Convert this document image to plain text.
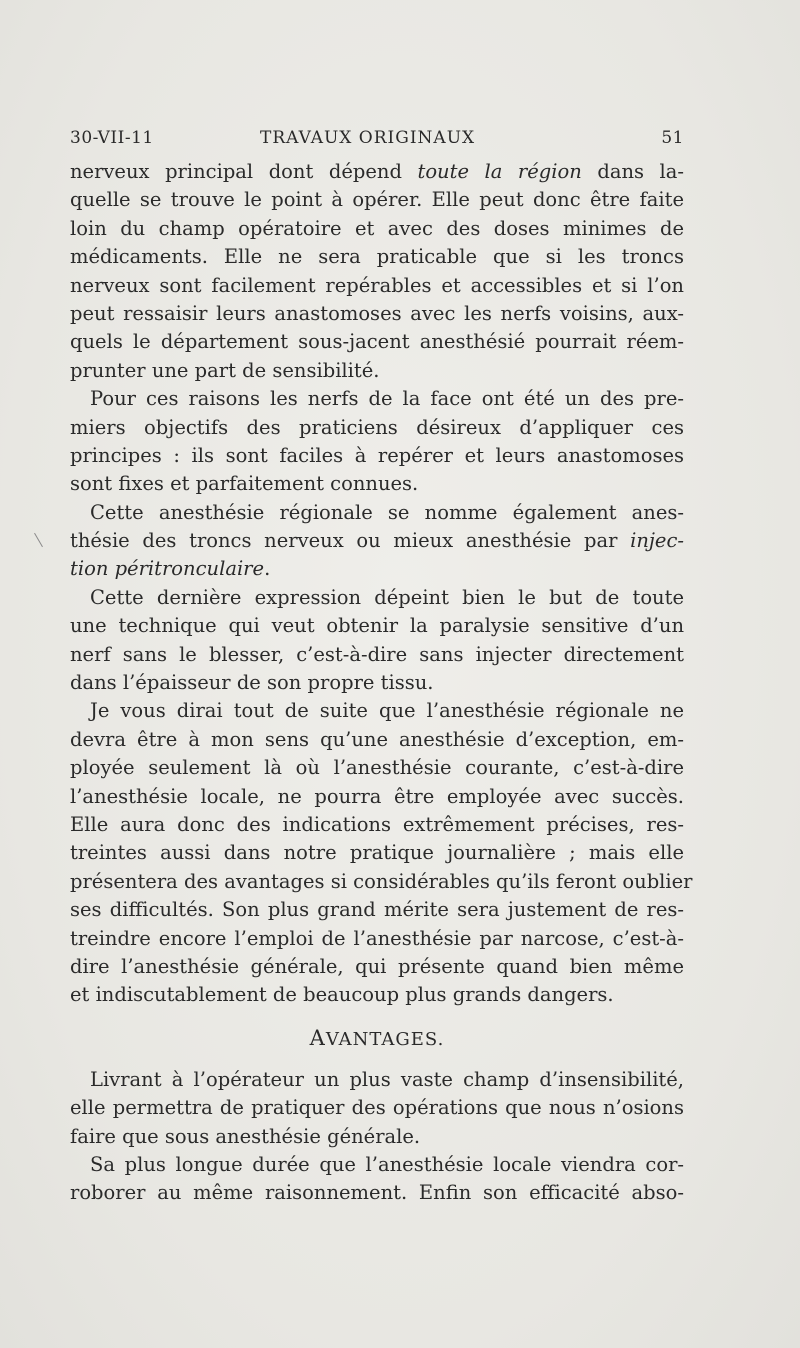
30-VII-11	TRAVAUX ORIGINAUX	51
nerveux principal dont dépend toute la région dans la-
quelle se trouve le point à opérer. Elle peut donc être faite
loin du champ opératoire et avec des doses minimes de
médicaments. Elle ne sera praticable que si les troncs
nerveux sont facilement repérables et accessibles et si l’on
peut ressaisir leurs anastomoses avec les nerfs voisins, aux-
quels le département sous-jacent anesthésié pourrait réem-
prunter une part de sensibilité.
Pour ces raisons les nerfs de la face ont été un des pre-
miers objectifs des praticiens désireux d’appliquer ces
principes : ils sont faciles à repérer et leurs anastomoses
sont fixes et parfaitement connues.
Cette anesthésie régionale se nomme également anes-
thésie des troncs nerveux ou mieux anesthésie par injec-
tion péritronculaire.
Cette dernière expression dépeint bien le but de toute
une technique qui veut obtenir la paralysie sensitive d’un
nerf sans le blesser, c’est-à-dire sans injecter directement
dans l’épaisseur de son propre tissu.
Je vous dirai tout de suite que l’anesthésie régionale ne
devra être à mon sens qu’une anesthésie d’exception, em-
ployée seulement là où l’anesthésie courante, c’est-à-dire
l’anesthésie locale, ne pourra être employée avec succès.
Elle aura donc des indications extrêmement précises, res-
treintes aussi dans notre pratique journalière ; mais elle
présentera des avantages si considérables qu’ils feront oublier
ses difficultés. Son plus grand mérite sera justement de res-
treindre encore l’emploi de l’anesthésie par narcose, c’est-à-
dire l’anesthésie générale, qui présente quand bien même
et indiscutablement de beaucoup plus grands dangers.
AVANTAGES.
Livrant à l’opérateur un plus vaste champ d’insensibilité,
elle permettra de pratiquer des opérations que nous n’osions
faire que sous anesthésie générale.
Sa plus longue durée que l’anesthésie locale viendra cor-
roborer au même raisonnement. Enfin son efficacité abso-
